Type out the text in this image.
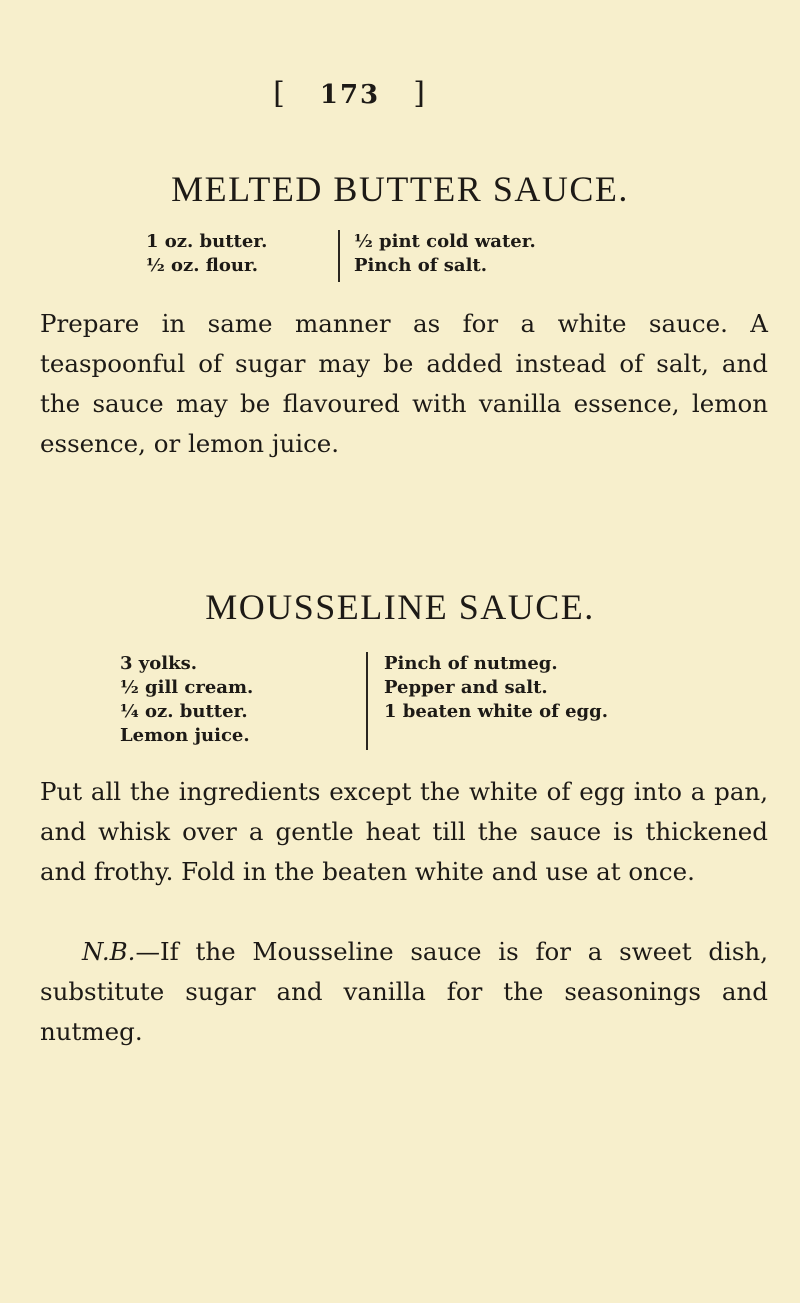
[ 173 ]
MELTED BUTTER SAUCE.
1 oz. butter.
½ oz. flour.
½ pint cold water.
Pinch of salt.

Prepare in same manner as for a white sauce. A teaspoonful of sugar may be added instead of salt, and the sauce may be flavoured with vanilla essence, lemon essence, or lemon juice.

MOUSSELINE SAUCE.
3 yolks.
½ gill cream.
¼ oz. butter.
Lemon juice.
Pinch of nutmeg.
Pepper and salt.
1 beaten white of egg.

Put all the ingredients except the white of egg into a pan, and whisk over a gentle heat till the sauce is thickened and frothy. Fold in the beaten white and use at once.

N.B.—If the Mousseline sauce is for a sweet dish, substitute sugar and vanilla for the seasonings and nutmeg.
